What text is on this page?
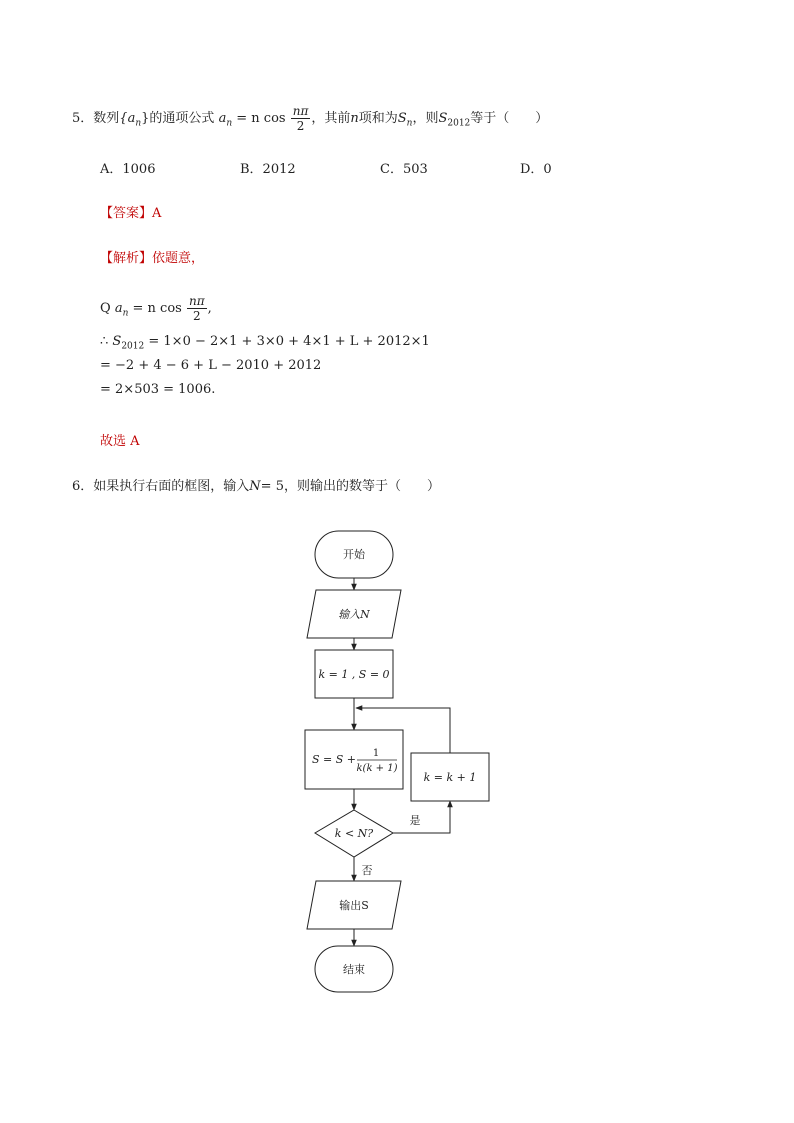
5．数列$\{a_n\}$的通项公式 $a_n = n$ $\cos \frac{n\pi}{2}$ ，其前n项和为$S_n$，则$S_{2012}$等于（　　）
A．1006	B．2012	C．503	D．0
【答案】A
【解析】依题意，
Q $a_n = n$ $\cos \frac{n\pi}{2}$ ,
∴ $S_{2012} = 1\times 0 - 2\times 1 + 3\times 0 + 4\times 1 + L + 2012\times 1$
= −2 + 4 − 6 + L − 2010 + 2012
= 2×503 = 1006.
故选 A
6．如果执行右面的框图，输入N= 5，则输出的数等于（　　）
开始
输入N
k = 1 , S = 0
S = S + 1
k(k + 1)
k < N?
k = k + 1
是
否
输出S
结束
